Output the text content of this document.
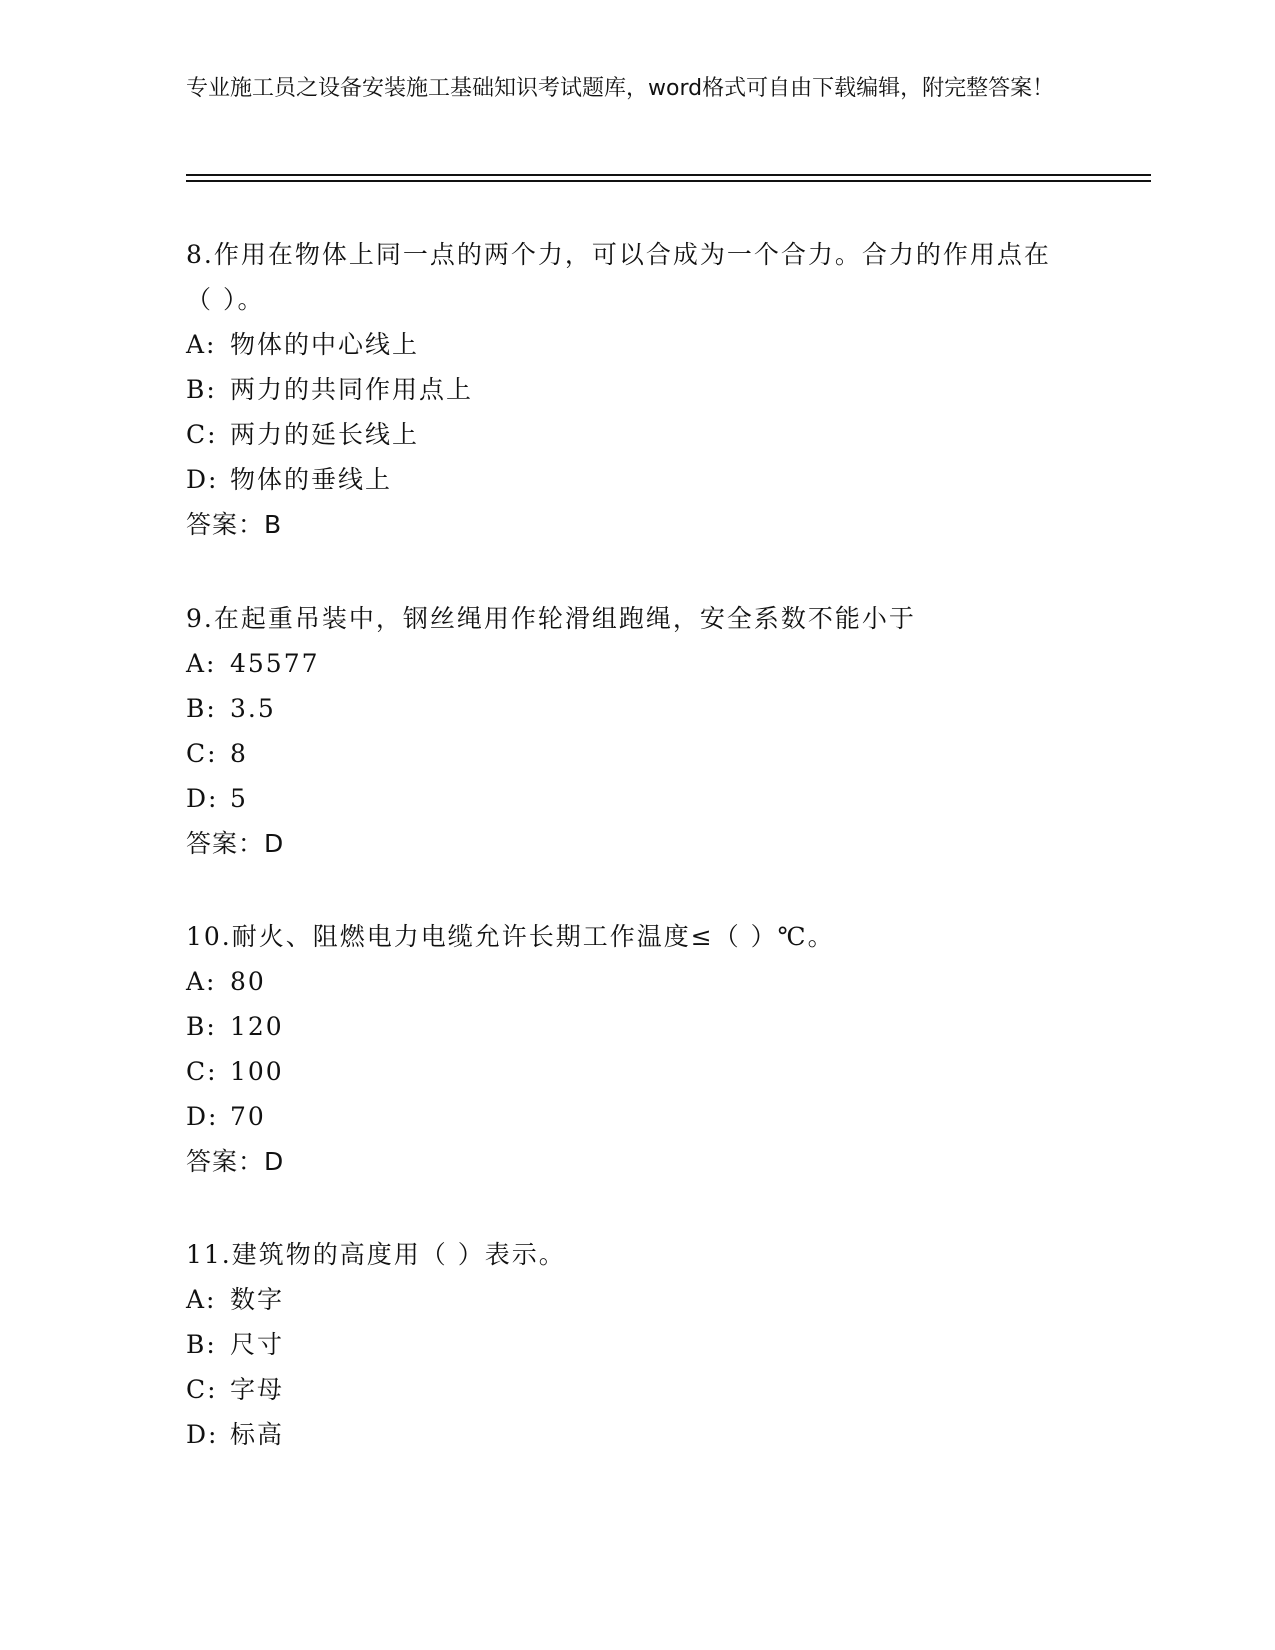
专业施工员之设备安装施工基础知识考试题库，word格式可自由下载编辑，附完整答案！
8.作用在物体上同一点的两个力，可以合成为一个合力。合力的作用点在（ ）。
A: 物体的中心线上
B: 两力的共同作用点上
C: 两力的延长线上
D: 物体的垂线上
答案：B
9.在起重吊装中，钢丝绳用作轮滑组跑绳，安全系数不能小于
A: 45577
B: 3.5
C: 8
D: 5
答案：D
10.耐火、阻燃电力电缆允许长期工作温度≤（ ）℃。
A: 80
B: 120
C: 100
D: 70
答案：D
11.建筑物的高度用（ ）表示。
A: 数字
B: 尺寸
C: 字母
D: 标高
